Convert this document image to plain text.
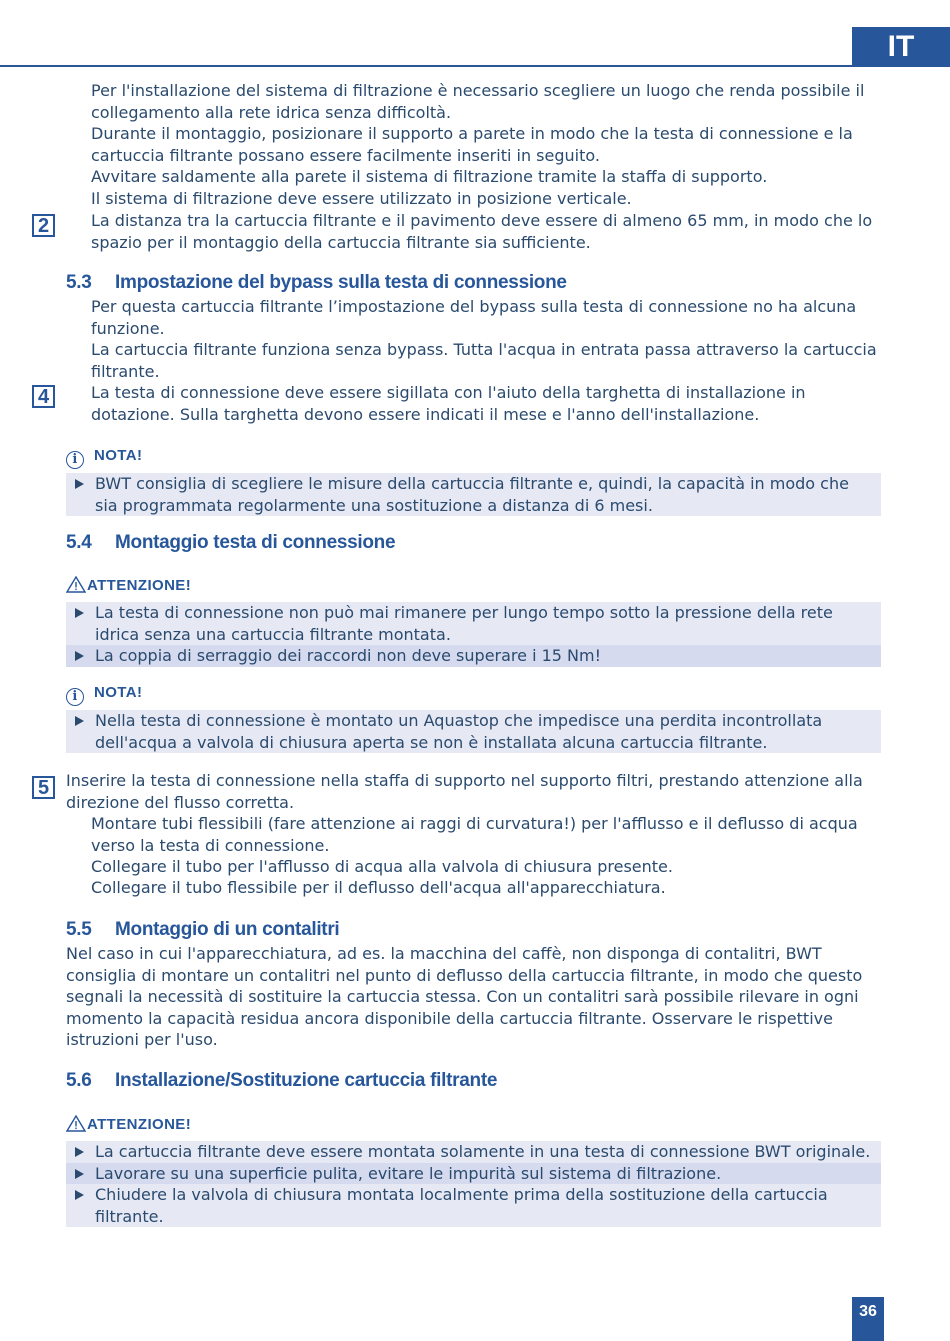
IT

Per l'installazione del sistema di filtrazione è necessario scegliere un luogo che renda possibile il collegamento alla rete idrica senza difficoltà.

Durante il montaggio, posizionare il supporto a parete in modo che la testa di connessione e la cartuccia filtrante possano essere facilmente inseriti in seguito.

Avvitare saldamente alla parete il sistema di filtrazione tramite la staffa di supporto.

Il sistema di filtrazione deve essere utilizzato in posizione verticale.

2	La distanza tra la cartuccia filtrante e il pavimento deve essere di almeno 65 mm, in modo che lo spazio per il montaggio della cartuccia filtrante sia sufficiente.

5.3 Impostazione del bypass sulla testa di connessione

Per questa cartuccia filtrante l’impostazione del bypass sulla testa di connessione no ha alcuna funzione.

La cartuccia filtrante funziona senza bypass. Tutta l'acqua in entrata passa attraverso la cartuccia filtrante.

4	La testa di connessione deve essere sigillata con l'aiuto della targhetta di installazione in dotazione. Sulla targhetta devono essere indicati il mese e l'anno dell'installazione.

i NOTA!
BWT consiglia di scegliere le misure della cartuccia filtrante e, quindi, la capacità in modo che sia programmata regolarmente una sostituzione a distanza di 6 mesi.
5.4 Montaggio testa di connessione
ATTENZIONE!
La testa di connessione non può mai rimanere per lungo tempo sotto la pressione della rete idrica senza una cartuccia filtrante montata.
La coppia di serraggio dei raccordi non deve superare i 15 Nm!
i NOTA!
Nella testa di connessione è montato un Aquastop che impedisce una perdita incontrollata dell'acqua a valvola di chiusura aperta se non è installata alcuna cartuccia filtrante.
5	Inserire la testa di connessione nella staffa di supporto nel supporto filtri, prestando attenzione alla direzione del flusso corretta.

Montare tubi flessibili (fare attenzione ai raggi di curvatura!) per l'afflusso e il deflusso di acqua verso la testa di connessione.

Collegare il tubo per l'afflusso di acqua alla valvola di chiusura presente.

Collegare il tubo flessibile per il deflusso dell'acqua all'apparecchiatura.

5.5 Montaggio di un contalitri

Nel caso in cui l'apparecchiatura, ad es. la macchina del caffè, non disponga di contalitri, BWT consiglia di montare un contalitri nel punto di deflusso della cartuccia filtrante, in modo che questo segnali la necessità di sostituire la cartuccia stessa. Con un contalitri sarà possibile rilevare in ogni momento la capacità residua ancora disponibile della cartuccia filtrante. Osservare le rispettive istruzioni per l'uso.

5.6 Installazione/Sostituzione cartuccia filtrante
ATTENZIONE!
La cartuccia filtrante deve essere montata solamente in una testa di connessione BWT originale.
Lavorare su una superficie pulita, evitare le impurità sul sistema di filtrazione.
Chiudere la valvola di chiusura montata localmente prima della sostituzione della cartuccia filtrante.
36
